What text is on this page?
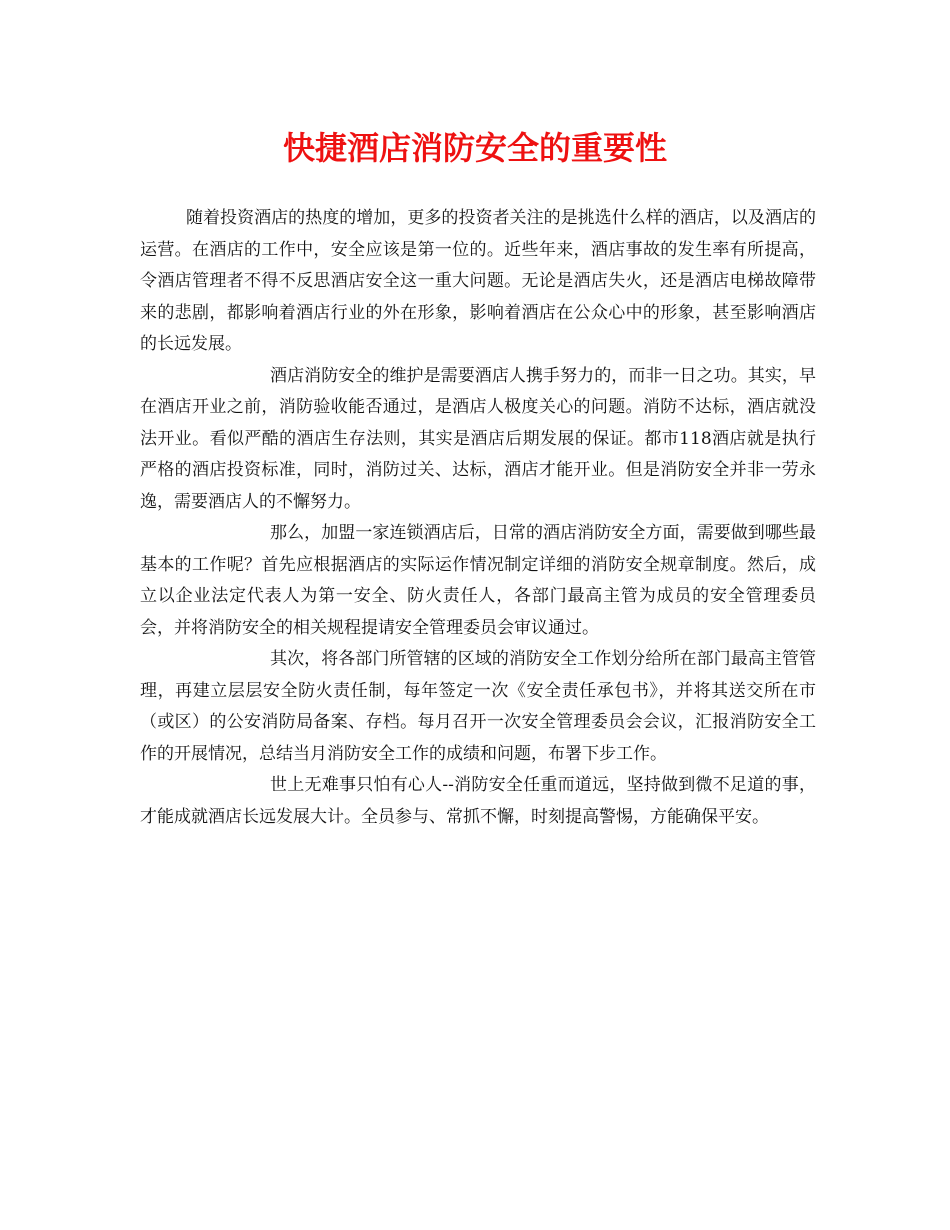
快捷酒店消防安全的重要性

随着投资酒店的热度的增加，更多的投资者关注的是挑选什么样的酒店，以及酒店的运营。在酒店的工作中，安全应该是第一位的。近些年来，酒店事故的发生率有所提高，令酒店管理者不得不反思酒店安全这一重大问题。无论是酒店失火，还是酒店电梯故障带来的悲剧，都影响着酒店行业的外在形象，影响着酒店在公众心中的形象，甚至影响酒店的长远发展。

酒店消防安全的维护是需要酒店人携手努力的，而非一日之功。其实，早在酒店开业之前，消防验收能否通过，是酒店人极度关心的问题。消防不达标，酒店就没法开业。看似严酷的酒店生存法则，其实是酒店后期发展的保证。都市118酒店就是执行严格的酒店投资标准，同时，消防过关、达标，酒店才能开业。但是消防安全并非一劳永逸，需要酒店人的不懈努力。

那么，加盟一家连锁酒店后，日常的酒店消防安全方面，需要做到哪些最基本的工作呢？首先应根据酒店的实际运作情况制定详细的消防安全规章制度。然后，成立以企业法定代表人为第一安全、防火责任人，各部门最高主管为成员的安全管理委员会，并将消防安全的相关规程提请安全管理委员会审议通过。

其次，将各部门所管辖的区域的消防安全工作划分给所在部门最高主管管理，再建立层层安全防火责任制，每年签定一次《安全责任承包书》，并将其送交所在市（或区）的公安消防局备案、存档。每月召开一次安全管理委员会会议，汇报消防安全工作的开展情况，总结当月消防安全工作的成绩和问题，布署下步工作。

世上无难事只怕有心人--消防安全任重而道远，坚持做到微不足道的事，才能成就酒店长远发展大计。全员参与、常抓不懈，时刻提高警惕，方能确保平安。
